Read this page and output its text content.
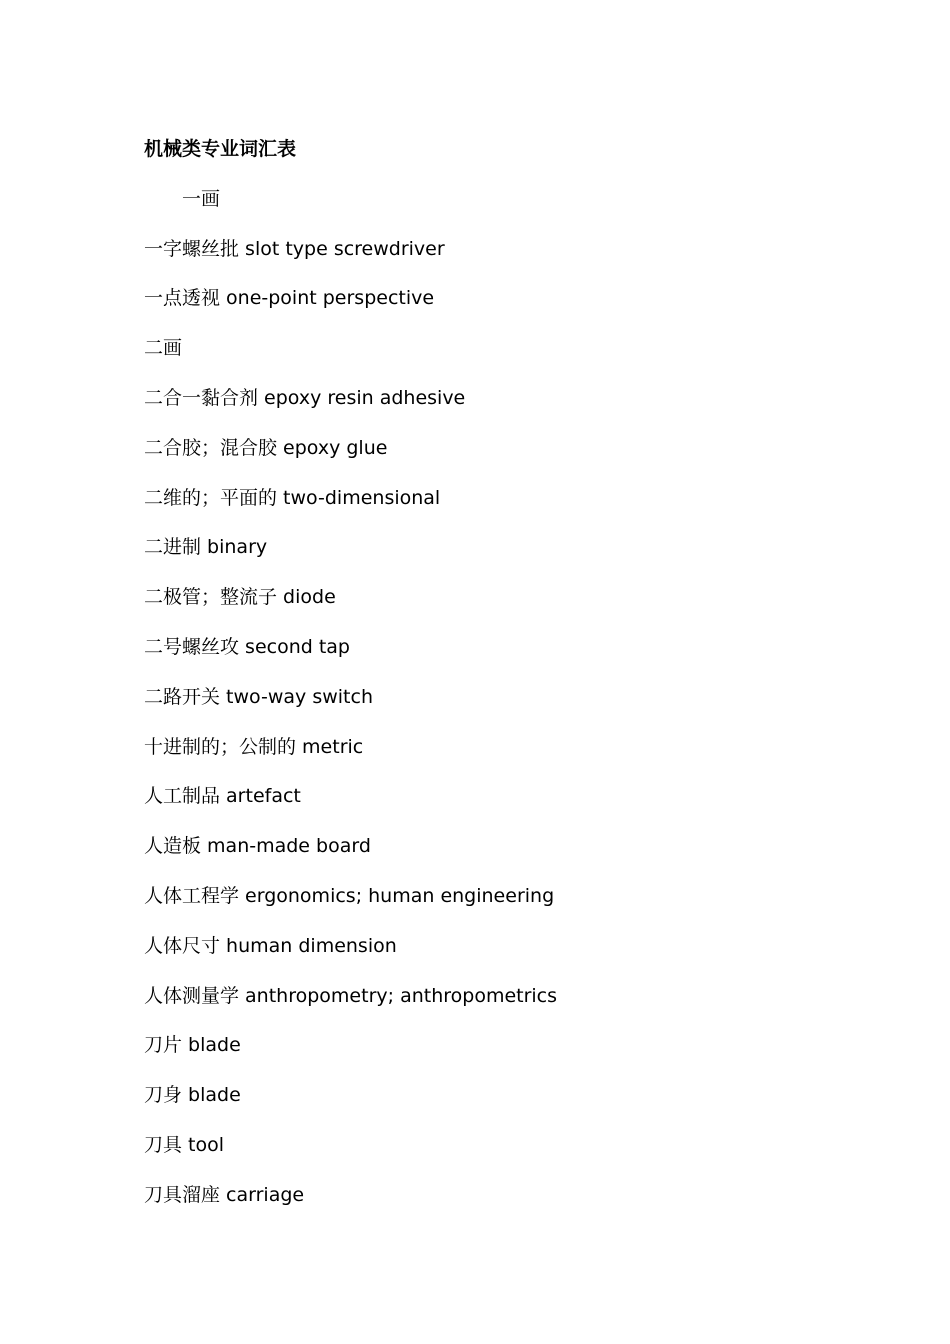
机械类专业词汇表
一画
一字螺丝批 slot type screwdriver
一点透视 one-point perspective
二画
二合一黏合剂 epoxy resin adhesive
二合胶；混合胶 epoxy glue
二维的；平面的 two-dimensional
二进制 binary
二极管；整流子 diode
二号螺丝攻 second tap
二路开关 two-way switch
十进制的；公制的 metric
人工制品 artefact
人造板 man-made board
人体工程学 ergonomics; human engineering
人体尺寸 human dimension
人体测量学 anthropometry; anthropometrics
刀片 blade
刀身 blade
刀具 tool
刀具溜座 carriage
